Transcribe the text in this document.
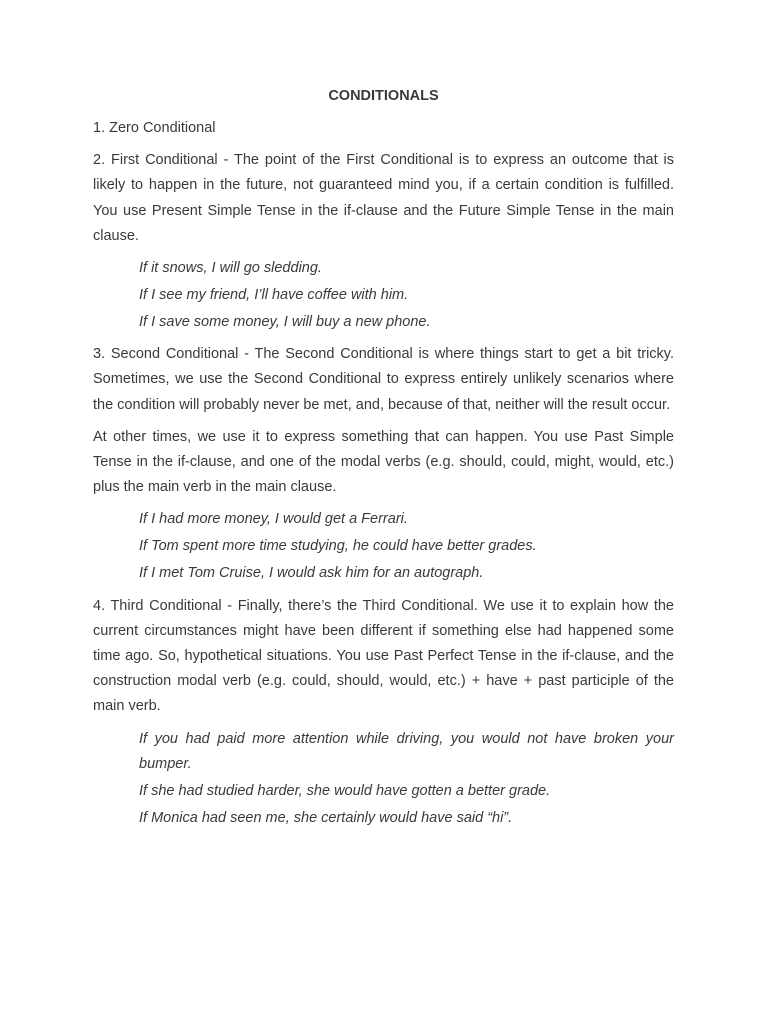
CONDITIONALS

1. Zero Conditional

2. First Conditional - The point of the First Conditional is to express an outcome that is likely to happen in the future, not guaranteed mind you, if a certain condition is fulfilled. You use Present Simple Tense in the if-clause and the Future Simple Tense in the main clause.

If it snows, I will go sledding.

If I see my friend, I’ll have coffee with him.

If I save some money, I will buy a new phone.

3. Second Conditional - The Second Conditional is where things start to get a bit tricky. Sometimes, we use the Second Conditional to express entirely unlikely scenarios where the condition will probably never be met, and, because of that, neither will the result occur.

At other times, we use it to express something that can happen. You use Past Simple Tense in the if-clause, and one of the modal verbs (e.g. should, could, might, would, etc.) plus the main verb in the main clause.

If I had more money, I would get a Ferrari.

If Tom spent more time studying, he could have better grades.

If I met Tom Cruise, I would ask him for an autograph.

4. Third Conditional - Finally, there’s the Third Conditional. We use it to explain how the current circumstances might have been different if something else had happened some time ago. So, hypothetical situations. You use Past Perfect Tense in the if-clause, and the construction modal verb (e.g. could, should, would, etc.) + have + past participle of the main verb.

If you had paid more attention while driving, you would not have broken your bumper.

If she had studied harder, she would have gotten a better grade.

If Monica had seen me, she certainly would have said “hi”.
